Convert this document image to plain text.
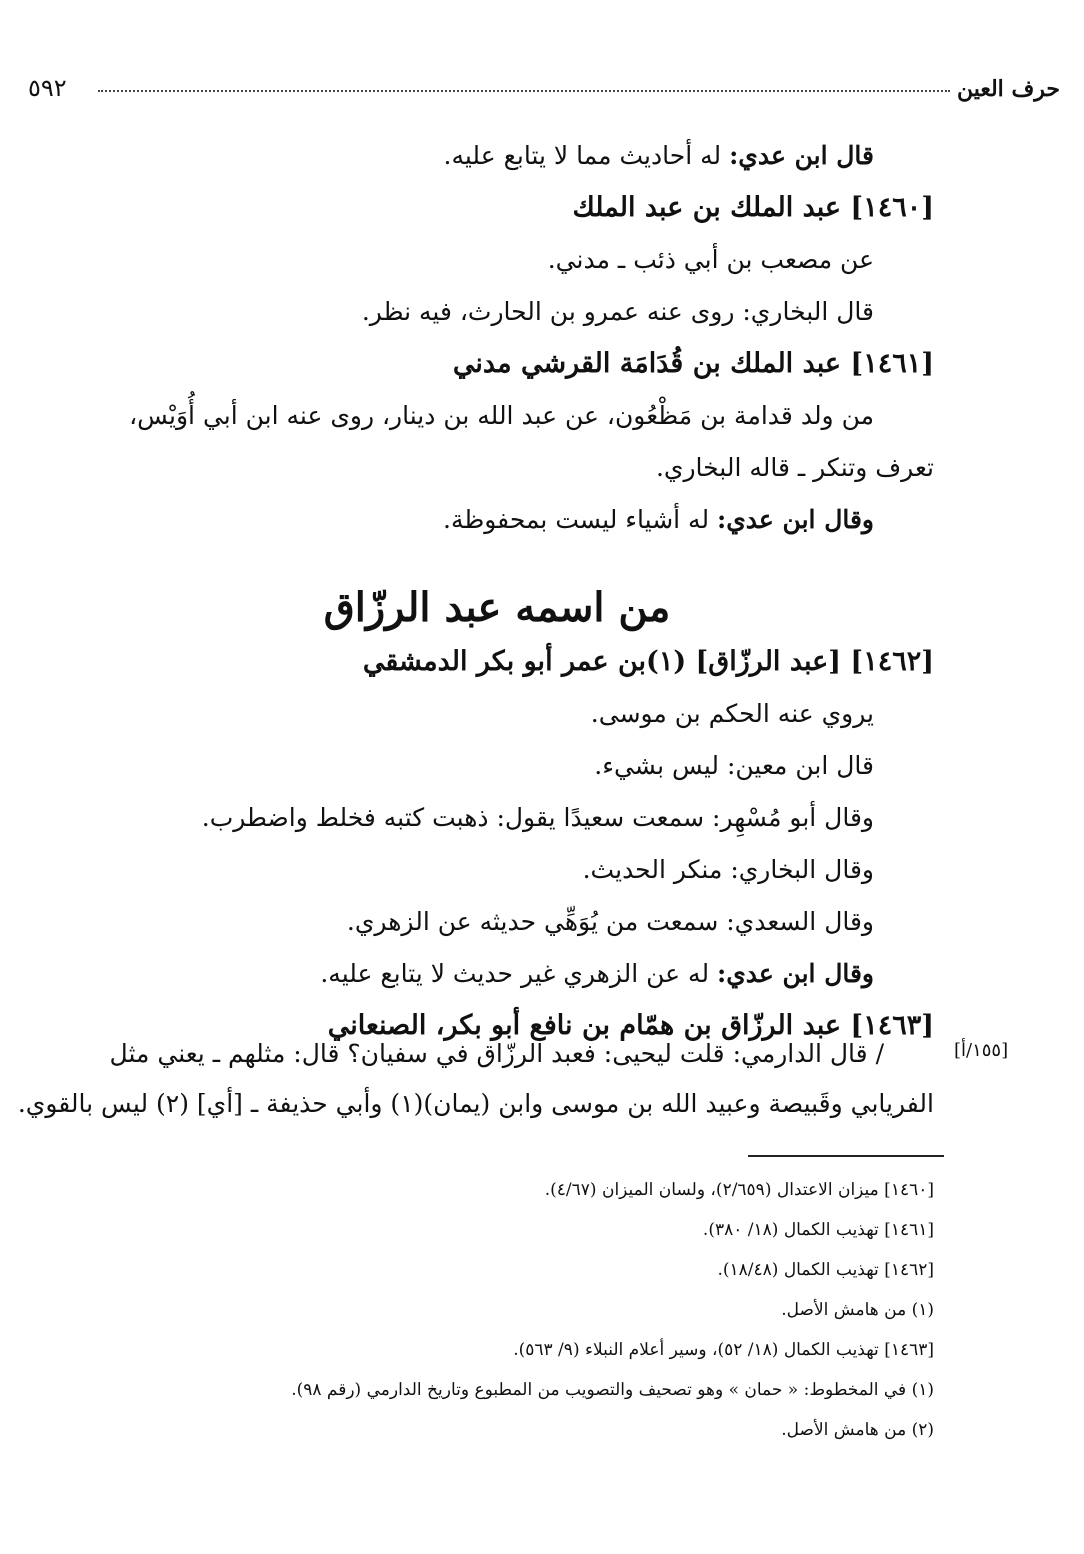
حرف العين
٥٩٢
قال ابن عدي: له أحاديث مما لا يتابع عليه.
[١٤٦٠] عبد الملك بن عبد الملك
عن مصعب بن أبي ذئب ـ مدني.
قال البخاري: روى عنه عمرو بن الحارث، فيه نظر.
[١٤٦١] عبد الملك بن قُدَامَة القرشي مدني
من ولد قدامة بن مَظْعُون، عن عبد الله بن دينار، روى عنه ابن أبي أُوَيْس،
تعرف وتنكر ـ قاله البخاري.
وقال ابن عدي: له أشياء ليست بمحفوظة.
من اسمه عبد الرزّاق
[١٤٦٢] [عبد الرزّاق] (١)بن عمر أبو بكر الدمشقي
يروي عنه الحكم بن موسى.
قال ابن معين: ليس بشيء.
وقال أبو مُسْهِر: سمعت سعيدًا يقول: ذهبت كتبه فخلط واضطرب.
وقال البخاري: منكر الحديث.
وقال السعدي: سمعت من يُوَهِّي حديثه عن الزهري.
وقال ابن عدي: له عن الزهري غير حديث لا يتابع عليه.
[١٤٦٣] عبد الرزّاق بن همّام بن نافع أبو بكر، الصنعاني
/ قال الدارمي: قلت ليحيى: فعبد الرزّاق في سفيان؟ قال: مثلهم ـ يعني مثل
الفريابي وقَبيصة وعبيد الله بن موسى وابن (يمان)(١) وأبي حذيفة ـ [أي] (٢) ليس بالقوي.
[١٥٥/أ]
[١٤٦٠] ميزان الاعتدال (٢/٦٥٩)، ولسان الميزان (٤/٦٧).
[١٤٦١] تهذيب الكمال (١٨/ ٣٨٠).
[١٤٦٢] تهذيب الكمال (١٨/٤٨).
(١) من هامش الأصل.
[١٤٦٣] تهذيب الكمال (١٨/ ٥٢)، وسير أعلام النبلاء (٩/ ٥٦٣).
(١) في المخطوط: « حمان » وهو تصحيف والتصويب من المطبوع وتاريخ الدارمي (رقم ٩٨).
(٢) من هامش الأصل.
